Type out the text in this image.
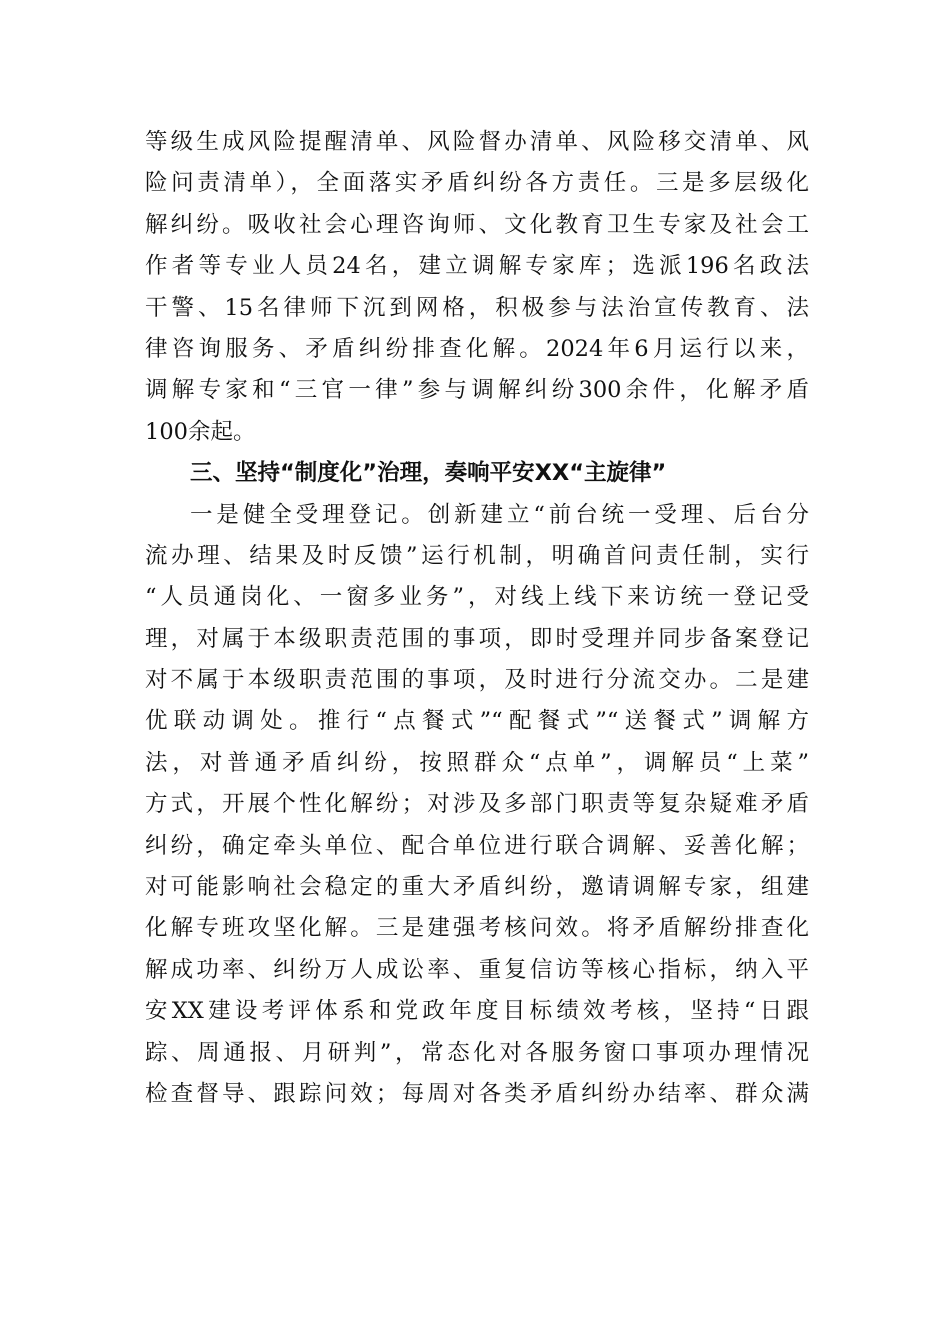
等级生成风险提醒清单、风险督办清单、风险移交清单、风
险问责清单），全面落实矛盾纠纷各方责任。三是多层级化
解纠纷。吸收社会心理咨询师、文化教育卫生专家及社会工
作者等专业人员24名，建立调解专家库；选派196名政法
干警、15名律师下沉到网格，积极参与法治宣传教育、法
律咨询服务、矛盾纠纷排查化解。2024年6月运行以来，
调解专家和“三官一律”参与调解纠纷300余件，化解矛盾
100余起。
三、坚持“制度化”治理，奏响平安XX“主旋律”
一是健全受理登记。创新建立“前台统一受理、后台分
流办理、结果及时反馈”运行机制，明确首问责任制，实行
“人员通岗化、一窗多业务”，对线上线下来访统一登记受
理，对属于本级职责范围的事项，即时受理并同步备案登记
对不属于本级职责范围的事项，及时进行分流交办。二是建
优联动调处。推行“点餐式”“配餐式”“送餐式”调解方
法，对普通矛盾纠纷，按照群众“点单”，调解员“上菜”
方式，开展个性化解纷；对涉及多部门职责等复杂疑难矛盾
纠纷，确定牵头单位、配合单位进行联合调解、妥善化解；
对可能影响社会稳定的重大矛盾纠纷，邀请调解专家，组建
化解专班攻坚化解。三是建强考核问效。将矛盾解纷排查化
解成功率、纠纷万人成讼率、重复信访等核心指标，纳入平
安XX建设考评体系和党政年度目标绩效考核，坚持“日跟
踪、周通报、月研判”，常态化对各服务窗口事项办理情况
检查督导、跟踪问效；每周对各类矛盾纠纷办结率、群众满
